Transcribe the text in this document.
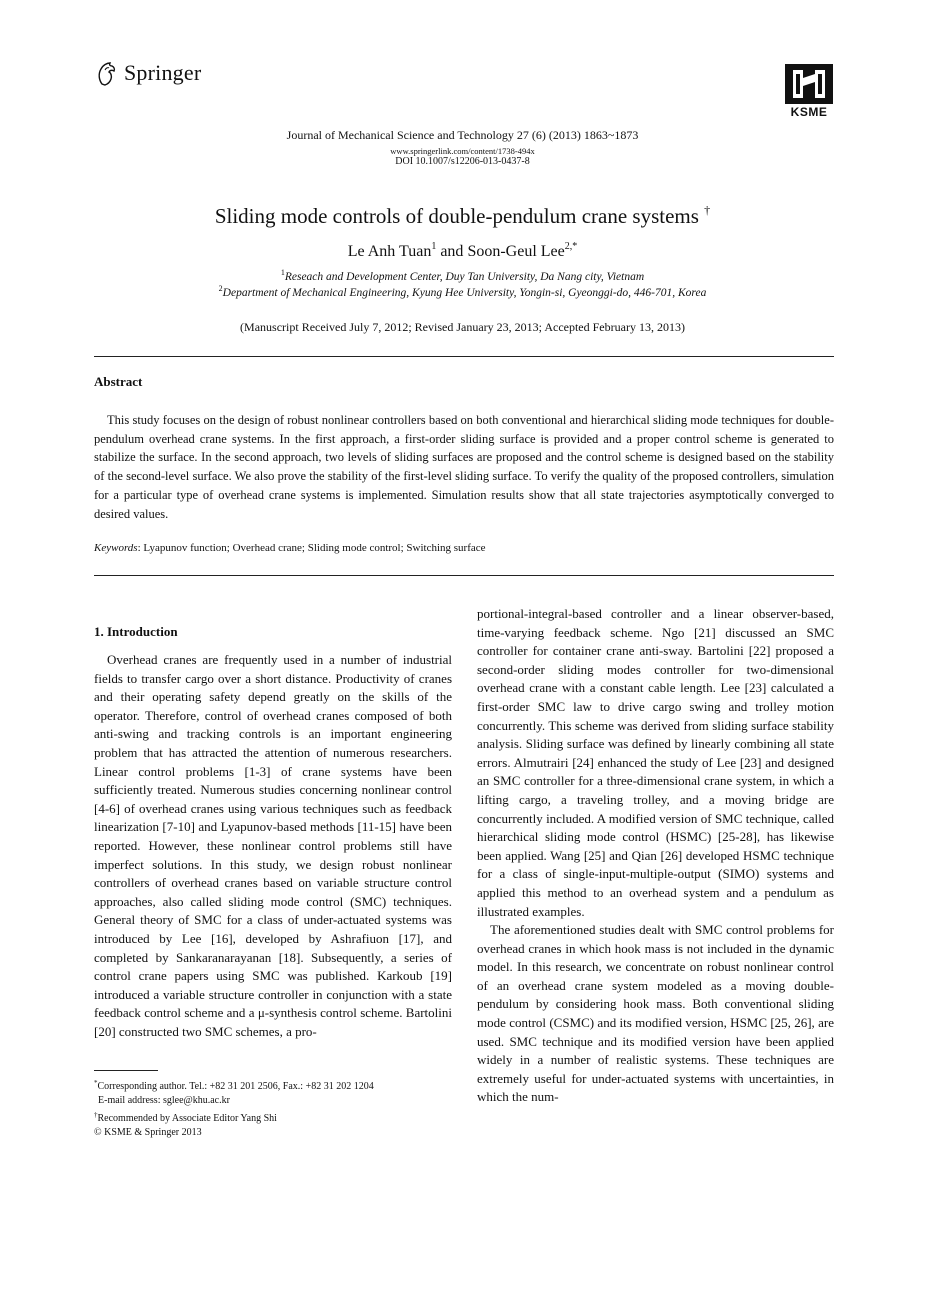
Springer
KSME
Journal of Mechanical Science and Technology 27 (6) (2013) 1863~1873
www.springerlink.com/content/1738-494x
DOI 10.1007/s12206-013-0437-8
Sliding mode controls of double-pendulum crane systems †
Le Anh Tuan$^1$ and Soon-Geul Lee$^{2,*}$
$^1$Reseach and Development Center, Duy Tan University, Da Nang city, Vietnam
$^2$Department of Mechanical Engineering, Kyung Hee University, Yongin-si, Gyeonggi-do, 446-701, Korea
(Manuscript Received July 7, 2012; Revised January 23, 2013; Accepted February 13, 2013)
Abstract

This study focuses on the design of robust nonlinear controllers based on both conventional and hierarchical sliding mode techniques for double-pendulum overhead crane systems. In the first approach, a first-order sliding surface is provided and a proper control scheme is generated to stabilize the surface. In the second approach, two levels of sliding surfaces are proposed and the control scheme is designed based on the stability of the second-level surface. We also prove the stability of the first-level sliding surface. To verify the quality of the proposed controllers, simulation for a particular type of overhead crane systems is implemented. Simulation results show that all state trajectories asymptotically converged to desired values.

Keywords: Lyapunov function; Overhead crane; Sliding mode control; Switching surface
1. Introduction

Overhead cranes are frequently used in a number of industrial fields to transfer cargo over a short distance. Productivity of cranes and their operating safety depend greatly on the skills of the operator. Therefore, control of overhead cranes composed of both anti-swing and tracking controls is an important engineering problem that has attracted the attention of numerous researchers. Linear control problems [1-3] of crane systems have been sufficiently treated. Numerous studies concerning nonlinear control [4-6] of overhead cranes using various techniques such as feedback linearization [7-10] and Lyapunov-based methods [11-15] have been reported. However, these nonlinear control problems still have imperfect solutions. In this study, we design robust nonlinear controllers of overhead cranes based on variable structure control approaches, also called sliding mode control (SMC) techniques. General theory of SMC for a class of under-actuated systems was introduced by Lee [16], developed by Ashrafiuon [17], and completed by Sankaranarayanan [18]. Subsequently, a series of control crane papers using SMC was published. Karkoub [19] introduced a variable structure controller in conjunction with a state feedback control scheme and a μ-synthesis control scheme. Bartolini [20] constructed two SMC schemes, a pro-

portional-integral-based controller and a linear observer-based, time-varying feedback scheme. Ngo [21] discussed an SMC controller for container crane anti-sway. Bartolini [22] proposed a second-order sliding modes controller for two-dimensional overhead crane with a constant cable length. Lee [23] calculated a first-order SMC law to drive cargo swing and trolley motion concurrently. This scheme was derived from sliding surface stability analysis. Sliding surface was defined by linearly combining all state errors. Almutrairi [24] enhanced the study of Lee [23] and designed an SMC controller for a three-dimensional crane system, in which a lifting cargo, a traveling trolley, and a moving bridge are concurrently included. A modified version of SMC technique, called hierarchical sliding mode control (HSMC) [25-28], has likewise been applied. Wang [25] and Qian [26] developed HSMC technique for a class of single-input-multiple-output (SIMO) systems and applied this method to an overhead system and a pendulum as illustrated examples.

The aforementioned studies dealt with SMC control problems for overhead cranes in which hook mass is not included in the dynamic model. In this research, we concentrate on robust nonlinear control of an overhead crane system modeled as a moving double-pendulum by considering hook mass. Both conventional sliding mode control (CSMC) and its modified version, HSMC [25, 26], are used. SMC technique and its modified version have been applied widely in a number of realistic systems. These techniques are extremely useful for under-actuated systems with uncertainties, in which the num-

*Corresponding author. Tel.: +82 31 201 2506, Fax.: +82 31 202 1204
E-mail address: sglee@khu.ac.kr
†Recommended by Associate Editor Yang Shi
© KSME & Springer 2013
